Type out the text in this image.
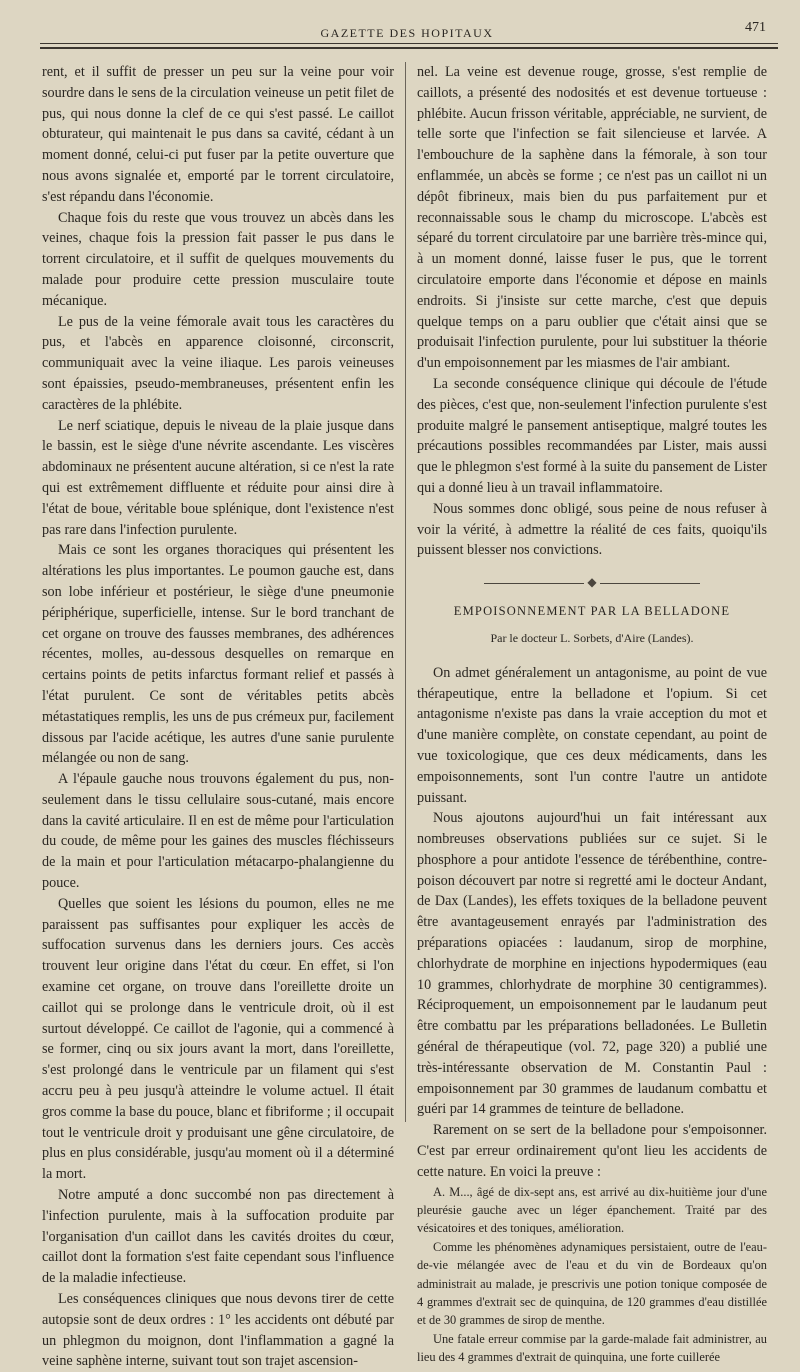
GAZETTE DES HOPITAUX	471

rent, et il suffit de presser un peu sur la veine pour voir sourdre dans le sens de la circulation veineuse un petit filet de pus, qui nous donne la clef de ce qui s'est passé. Le caillot obturateur, qui maintenait le pus dans sa cavité, cédant à un moment donné, celui-ci put fuser par la petite ouverture que nous avons signalée et, emporté par le torrent circulatoire, s'est répandu dans l'économie.

Chaque fois du reste que vous trouvez un abcès dans les veines, chaque fois la pression fait passer le pus dans le torrent circulatoire, et il suffit de quelques mouvements du malade pour produire cette pression musculaire toute mécanique.

Le pus de la veine fémorale avait tous les caractères du pus, et l'abcès en apparence cloisonné, circonscrit, communiquait avec la veine iliaque. Les parois veineuses sont épaissies, pseudo-membraneuses, présentent enfin les caractères de la phlébite.

Le nerf sciatique, depuis le niveau de la plaie jusque dans le bassin, est le siège d'une névrite ascendante. Les viscères abdominaux ne présentent aucune altération, si ce n'est la rate qui est extrêmement diffluente et réduite pour ainsi dire à l'état de boue, véritable boue splénique, dont l'existence n'est pas rare dans l'infection purulente.

Mais ce sont les organes thoraciques qui présentent les altérations les plus importantes. Le poumon gauche est, dans son lobe inférieur et postérieur, le siège d'une pneumonie périphérique, superficielle, intense. Sur le bord tranchant de cet organe on trouve des fausses membranes, des adhérences récentes, molles, au-dessous desquelles on remarque en certains points de petits infarctus formant relief et passés à l'état purulent. Ce sont de véritables petits abcès métastatiques remplis, les uns de pus crémeux pur, facilement dissous par l'acide acétique, les autres d'une sanie purulente mélangée ou non de sang.

A l'épaule gauche nous trouvons également du pus, non-seulement dans le tissu cellulaire sous-cutané, mais encore dans la cavité articulaire. Il en est de même pour l'articulation du coude, de même pour les gaines des muscles fléchisseurs de la main et pour l'articulation métacarpo-phalangienne du pouce.

Quelles que soient les lésions du poumon, elles ne me paraissent pas suffisantes pour expliquer les accès de suffocation survenus dans les derniers jours. Ces accès trouvent leur origine dans l'état du cœur. En effet, si l'on examine cet organe, on trouve dans l'oreillette droite un caillot qui se prolonge dans le ventricule droit, où il est surtout développé. Ce caillot de l'agonie, qui a commencé à se former, cinq ou six jours avant la mort, dans l'oreillette, s'est prolongé dans le ventricule par un filament qui s'est accru peu à peu jusqu'à atteindre le volume actuel. Il était gros comme la base du pouce, blanc et fibriforme ; il occupait tout le ventricule droit y produisant une gêne circulatoire, de plus en plus considérable, jusqu'au moment où il a déterminé la mort.

Notre amputé a donc succombé non pas directement à l'infection purulente, mais à la suffocation produite par l'organisation d'un caillot dans les cavités droites du cœur, caillot dont la formation s'est faite cependant sous l'influence de la maladie infectieuse.

Les conséquences cliniques que nous devons tirer de cette autopsie sont de deux ordres : 1° les accidents ont débuté par un phlegmon du moignon, dont l'inflammation a gagné la veine saphène interne, suivant tout son trajet ascension-

nel. La veine est devenue rouge, grosse, s'est remplie de caillots, a présenté des nodosités et est devenue tortueuse : phlébite. Aucun frisson véritable, appréciable, ne survient, de telle sorte que l'infection se fait silencieuse et larvée. A l'embouchure de la saphène dans la fémorale, à son tour enflammée, un abcès se forme ; ce n'est pas un caillot ni un dépôt fibrineux, mais bien du pus parfaitement pur et reconnaissable sous le champ du microscope. L'abcès est séparé du torrent circulatoire par une barrière très-mince qui, à un moment donné, laisse fuser le pus, que le torrent circulatoire emporte dans l'économie et dépose en mainls endroits. Si j'insiste sur cette marche, c'est que depuis quelque temps on a paru oublier que c'était ainsi que se produisait l'infection purulente, pour lui substituer la théorie d'un empoisonnement par les miasmes de l'air ambiant.

La seconde conséquence clinique qui découle de l'étude des pièces, c'est que, non-seulement l'infection purulente s'est produite malgré le pansement antiseptique, malgré toutes les précautions possibles recommandées par Lister, mais aussi que le phlegmon s'est formé à la suite du pansement de Lister qui a donné lieu à un travail inflammatoire.

Nous sommes donc obligé, sous peine de nous refuser à voir la vérité, à admettre la réalité de ces faits, quoiqu'ils puissent blesser nos convictions.

◆
EMPOISONNEMENT PAR LA BELLADONE
Par le docteur L. Sorbets, d'Aire (Landes).

On admet généralement un antagonisme, au point de vue thérapeutique, entre la belladone et l'opium. Si cet antagonisme n'existe pas dans la vraie acception du mot et d'une manière complète, on constate cependant, au point de vue toxicologique, que ces deux médicaments, dans les empoisonnements, sont l'un contre l'autre un antidote puissant.

Nous ajoutons aujourd'hui un fait intéressant aux nombreuses observations publiées sur ce sujet. Si le phosphore a pour antidote l'essence de térébenthine, contre-poison découvert par notre si regretté ami le docteur Andant, de Dax (Landes), les effets toxiques de la belladone peuvent être avantageusement enrayés par l'administration des préparations opiacées : laudanum, sirop de morphine, chlorhydrate de morphine en injections hypodermiques (eau 10 grammes, chlorhydrate de morphine 30 centigrammes). Réciproquement, un empoisonnement par le laudanum peut être combattu par les préparations belladonées. Le Bulletin général de thérapeutique (vol. 72, page 320) a publié une très-intéressante observation de M. Constantin Paul : empoisonnement par 30 grammes de laudanum combattu et guéri par 14 grammes de teinture de belladone.

Rarement on se sert de la belladone pour s'empoisonner. C'est par erreur ordinairement qu'ont lieu les accidents de cette nature. En voici la preuve :

A. M..., âgé de dix-sept ans, est arrivé au dix-huitième jour d'une pleurésie gauche avec un léger épanchement. Traité par des vésicatoires et des toniques, amélioration.

Comme les phénomènes adynamiques persistaient, outre de l'eau-de-vie mélangée avec de l'eau et du vin de Bordeaux qu'on administrait au malade, je prescrivis une potion tonique composée de 4 grammes d'extrait sec de quinquina, de 120 grammes d'eau distillée et de 30 grammes de sirop de menthe.

Une fatale erreur commise par la garde-malade fait administrer, au lieu des 4 grammes d'extrait de quinquina, une forte cuillerée
